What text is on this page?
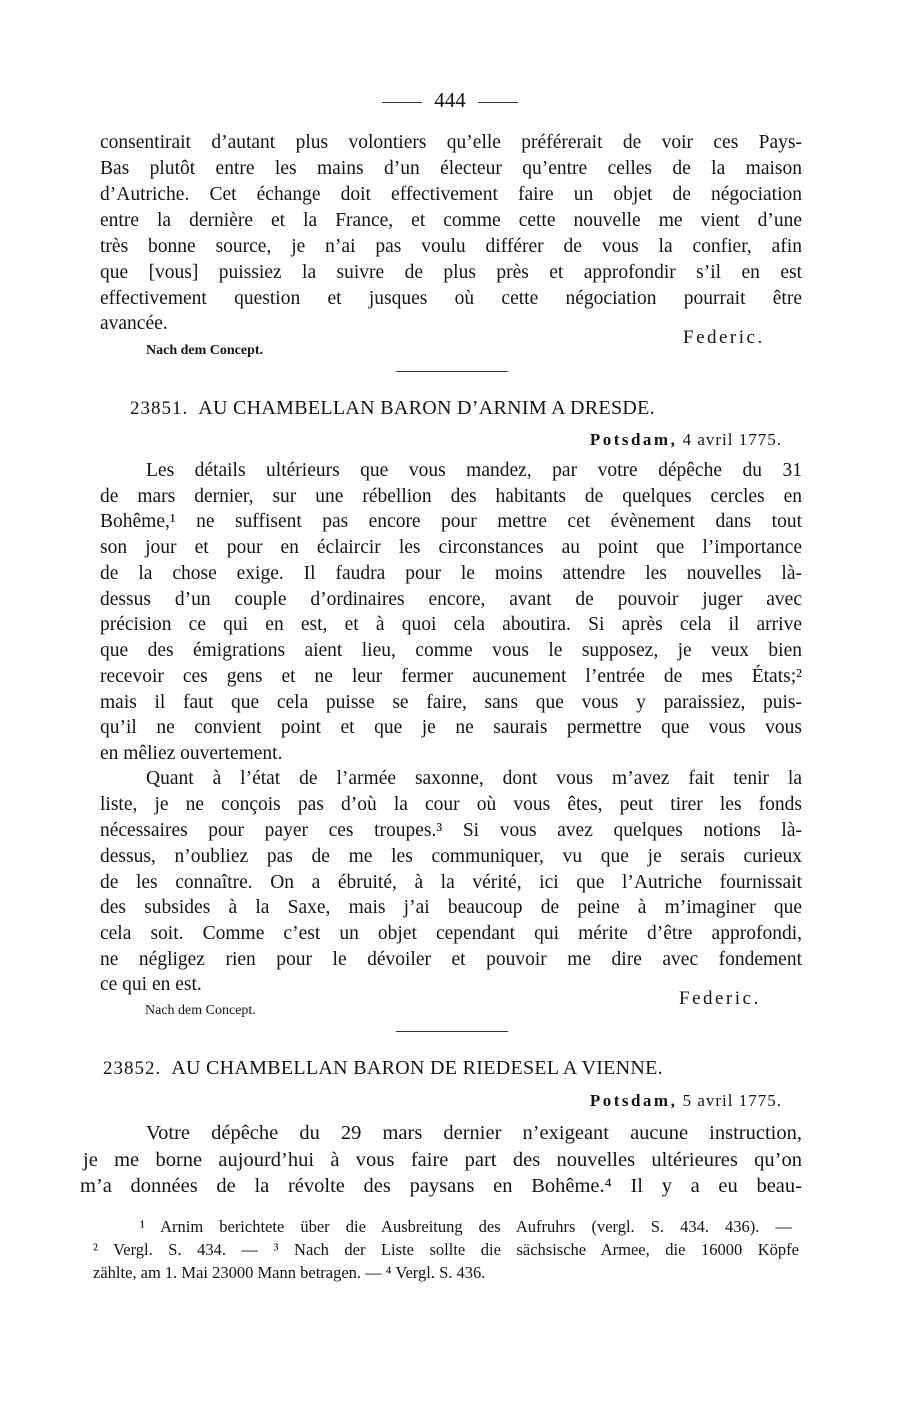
444

consentirait d’autant plus volontiers qu’elle préférerait de voir ces Pays-

Bas plutôt entre les mains d’un électeur qu’entre celles de la maison

d’Autriche. Cet échange doit effectivement faire un objet de négociation

entre la dernière et la France, et comme cette nouvelle me vient d’une

très bonne source, je n’ai pas voulu différer de vous la confier, afin

que [vous] puissiez la suivre de plus près et approfondir s’il en est

effectivement question et jusques où cette négociation pourrait être

avancée.

Federic.

Nach dem Concept.

23851. AU CHAMBELLAN BARON D’ARNIM A DRESDE.

Potsdam, 4 avril 1775.

Les détails ultérieurs que vous mandez, par votre dépêche du 31

de mars dernier, sur une rébellion des habitants de quelques cercles en

Bohême,¹ ne suffisent pas encore pour mettre cet évènement dans tout

son jour et pour en éclaircir les circonstances au point que l’importance

de la chose exige. Il faudra pour le moins attendre les nouvelles là-

dessus d’un couple d’ordinaires encore, avant de pouvoir juger avec

précision ce qui en est, et à quoi cela aboutira. Si après cela il arrive

que des émigrations aient lieu, comme vous le supposez, je veux bien

recevoir ces gens et ne leur fermer aucunement l’entrée de mes États;²

mais il faut que cela puisse se faire, sans que vous y paraissiez, puis-

qu’il ne convient point et que je ne saurais permettre que vous vous

en mêliez ouvertement.

Quant à l’état de l’armée saxonne, dont vous m’avez fait tenir la

liste, je ne conçois pas d’où la cour où vous êtes, peut tirer les fonds

nécessaires pour payer ces troupes.³ Si vous avez quelques notions là-

dessus, n’oubliez pas de me les communiquer, vu que je serais curieux

de les connaître. On a ébruité, à la vérité, ici que l’Autriche fournissait

des subsides à la Saxe, mais j’ai beaucoup de peine à m’imaginer que

cela soit. Comme c’est un objet cependant qui mérite d’être approfondi,

ne négligez rien pour le dévoiler et pouvoir me dire avec fondement

ce qui en est.

Federic.

Nach dem Concept.

23852. AU CHAMBELLAN BARON DE RIEDESEL A VIENNE.

Potsdam, 5 avril 1775.

Votre dépêche du 29 mars dernier n’exigeant aucune instruction,

je me borne aujourd’hui à vous faire part des nouvelles ultérieures qu’on

m’a données de la révolte des paysans en Bohême.⁴ Il y a eu beau-

¹ Arnim berichtete über die Ausbreitung des Aufruhrs (vergl. S. 434. 436). —

² Vergl. S. 434. — ³ Nach der Liste sollte die sächsische Armee, die 16000 Köpfe

zählte, am 1. Mai 23000 Mann betragen. — ⁴ Vergl. S. 436.
